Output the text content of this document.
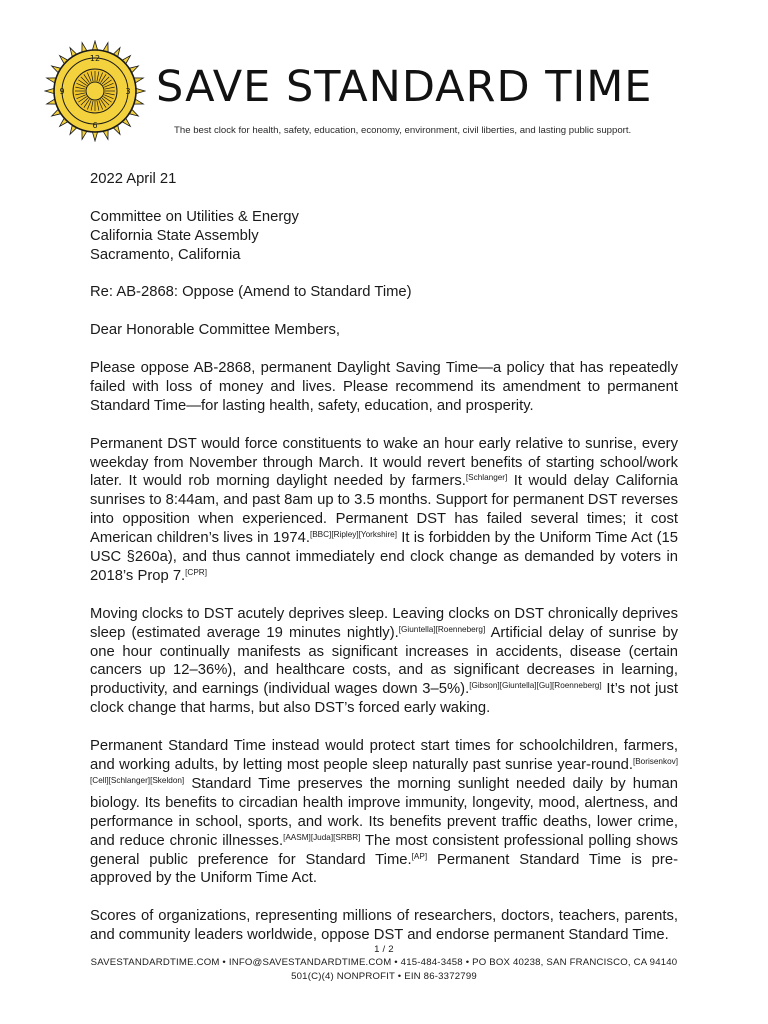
12
3
6
9 SAVE STANDARD TIME
The best clock for health, safety, education, economy, environment, civil liberties, and lasting public support.

2022 April 21

Committee on Utilities & Energy
California State Assembly
Sacramento, California

Re: AB-2868: Oppose (Amend to Standard Time)

Dear Honorable Committee Members,

Please oppose AB-2868, permanent Daylight Saving Time—a policy that has repeatedly failed with loss of money and lives. Please recommend its amendment to permanent Standard Time—for lasting health, safety, education, and prosperity.

Permanent DST would force constituents to wake an hour early relative to sunrise, every weekday from November through March. It would revert benefits of starting school/work later. It would rob morning daylight needed by farmers.[Schlanger] It would delay California sunrises to 8:44am, and past 8am up to 3.5 months. Support for permanent DST reverses into opposition when experienced. Permanent DST has failed several times; it cost American children’s lives in 1974.[BBC][Ripley][Yorkshire] It is forbidden by the Uniform Time Act (15 USC §260a), and thus cannot immediately end clock change as demanded by voters in 2018’s Prop 7.[CPR]

Moving clocks to DST acutely deprives sleep. Leaving clocks on DST chronically deprives sleep (estimated average 19 minutes nightly).[Giuntella][Roenneberg] Artificial delay of sunrise by one hour continually manifests as significant increases in accidents, disease (certain cancers up 12–36%), and healthcare costs, and as significant decreases in learning, productivity, and earnings (individual wages down 3–5%).[Gibson][Giuntella][Gu][Roenneberg] It’s not just clock change that harms, but also DST’s forced early waking.

Permanent Standard Time instead would protect start times for schoolchildren, farmers, and working adults, by letting most people sleep naturally past sunrise year-round.[Borisenkov][Cell][Schlanger][Skeldon] Standard Time preserves the morning sunlight needed daily by human biology. Its benefits to circadian health improve immunity, longevity, mood, alertness, and performance in school, sports, and work. Its benefits prevent traffic deaths, lower crime, and reduce chronic illnesses.[AASM][Juda][SRBR] The most consistent professional polling shows general public preference for Standard Time.[AP] Permanent Standard Time is pre-approved by the Uniform Time Act.

Scores of organizations, representing millions of researchers, doctors, teachers, parents, and community leaders worldwide, oppose DST and endorse permanent Standard Time.

1 / 2
SAVESTANDARDTIME.COM • INFO@SAVESTANDARDTIME.COM • 415-484-3458 • PO BOX 40238, SAN FRANCISCO, CA 94140
501(C)(4) NONPROFIT • EIN 86-3372799
